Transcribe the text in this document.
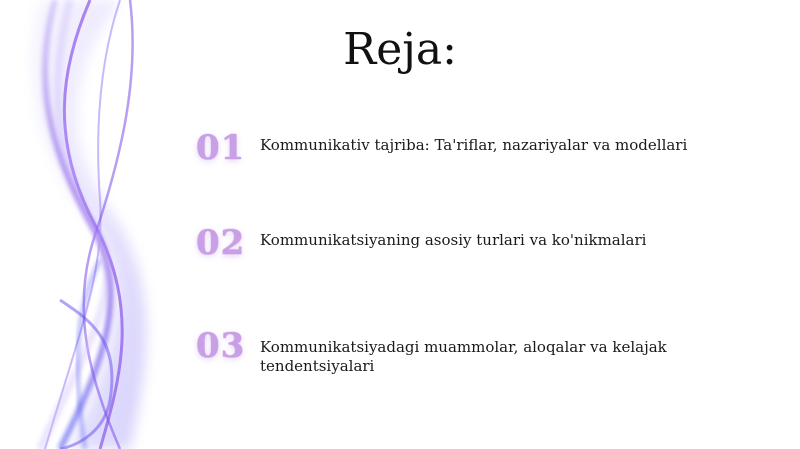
Reja:
01 Kommunikativ tajriba: Ta'riflar, nazariyalar va modellari
02 Kommunikatsiyaning asosiy turlari va ko'nikmalari
03 Kommunikatsiyadagi muammolar, aloqalar va kelajak tendentsiyalari
